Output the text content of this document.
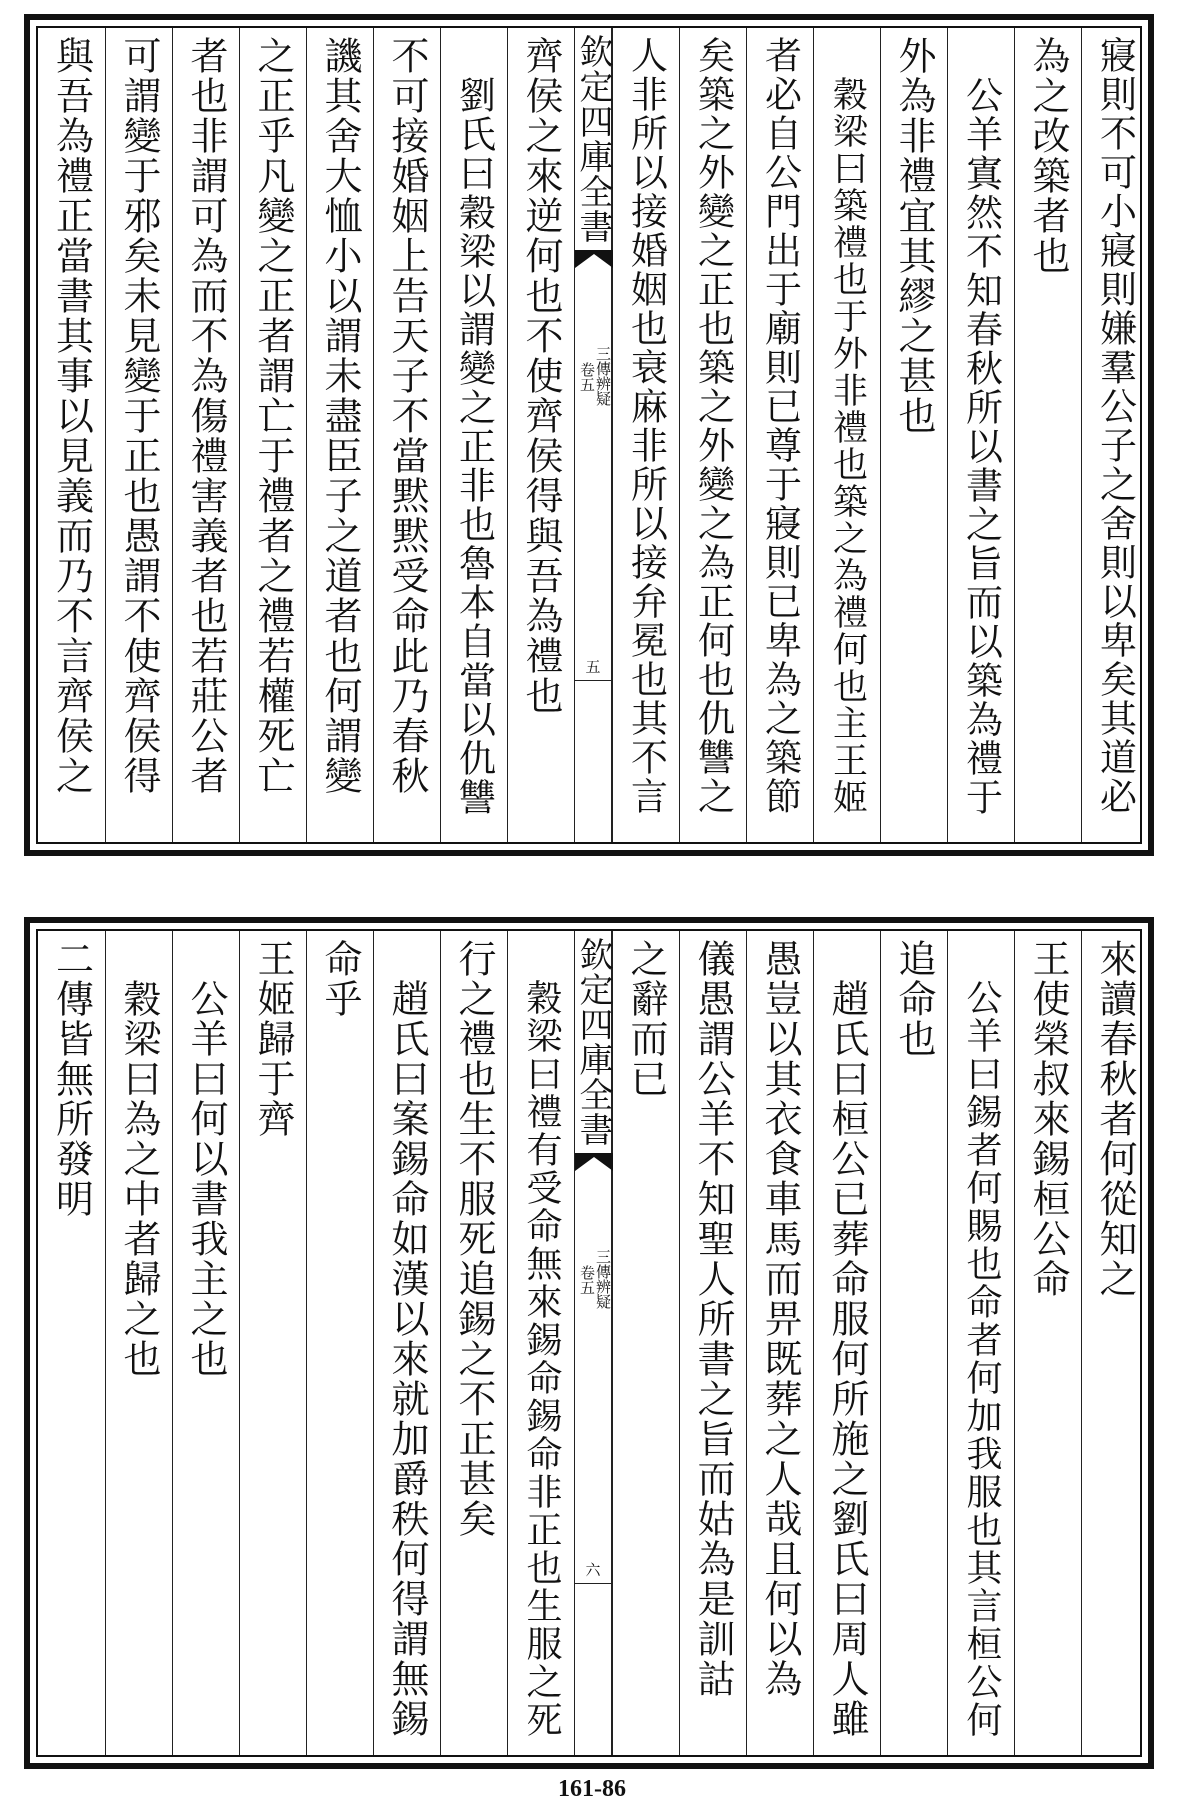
寢則不可小寢則嫌羣公子之舍則以卑矣其道必
為之改築者也
公羊寘然不知春秋所以書之旨而以築為禮于
外為非禮宜其繆之甚也
穀梁曰築禮也于外非禮也築之為禮何也主王姬
者必自公門出于廟則已尊于寢則已卑為之築節
矣築之外變之正也築之外變之為正何也仇讐之
人非所以接婚姻也衰麻非所以接弁冕也其不言
欽定四庫全書
三傳辨疑
卷五
五
齊侯之來逆何也不使齊侯得與吾為禮也
劉氏曰穀梁以謂變之正非也魯本自當以仇讐
不可接婚姻上告天子不當黙黙受命此乃春秋
譏其舍大恤小以謂未盡臣子之道者也何謂變
之正乎凡變之正者謂亡于禮者之禮若權死亡
者也非謂可為而不為傷禮害義者也若莊公者
可謂變于邪矣未見變于正也愚謂不使齊侯得
與吾為禮正當書其事以見義而乃不言齊侯之
來讀春秋者何從知之
王使榮叔來錫桓公命
公羊曰錫者何賜也命者何加我服也其言桓公何
追命也
趙氏曰桓公已葬命服何所施之劉氏曰周人雖
愚豈以其衣食車馬而畀既葬之人哉且何以為
儀愚謂公羊不知聖人所書之旨而姑為是訓詁
之辭而已
欽定四庫全書
三傳辨疑
卷五
六
穀梁曰禮有受命無來錫命錫命非正也生服之死
行之禮也生不服死追錫之不正甚矣
趙氏曰案錫命如漢以來就加爵秩何得謂無錫
命乎
王姬歸于齊
公羊曰何以書我主之也
穀梁曰為之中者歸之也
二傳皆無所發明
161-86
